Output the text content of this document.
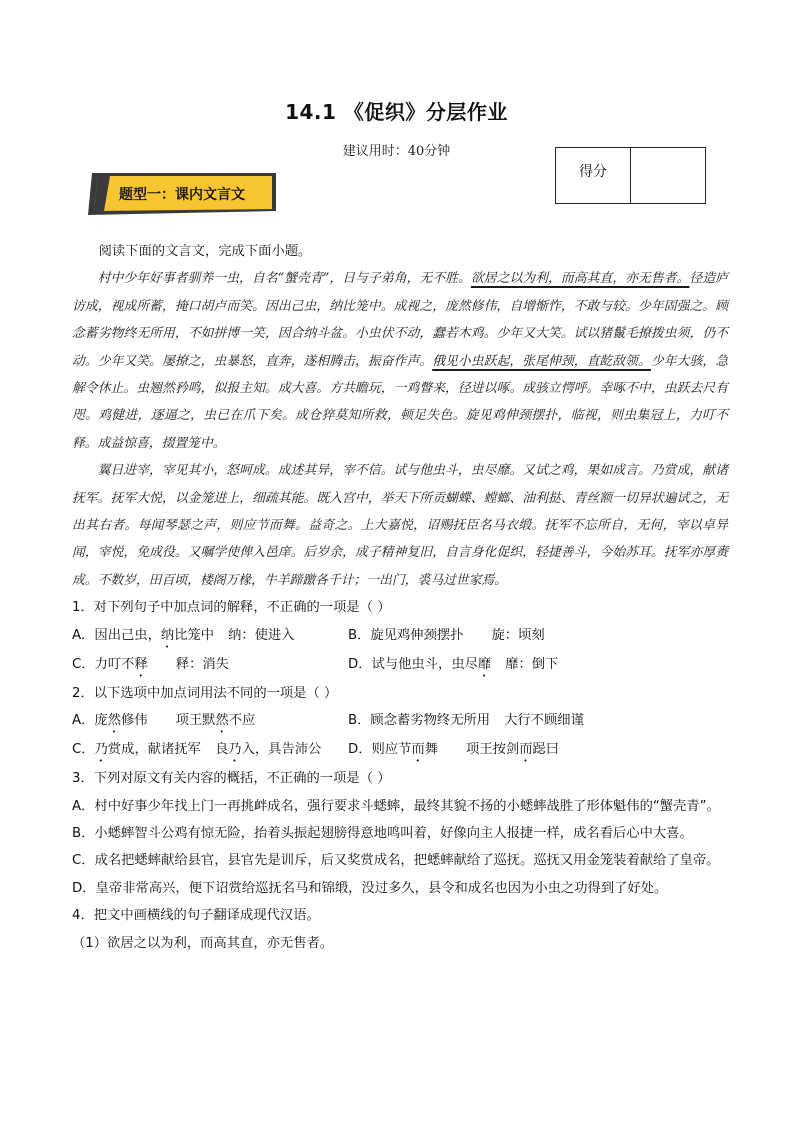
14.1 《促织》分层作业
建议用时：40分钟
得分
题型一：课内文言文

阅读下面的文言文，完成下面小题。

村中少年好事者驯养一虫，自名“蟹壳青”，日与子弟角，无不胜。欲居之以为利，而高其直，亦无售者。径造庐访成，视成所蓄，掩口胡卢而笑。因出己虫，纳比笼中。成视之，庞然修伟，自增惭怍，不敢与较。少年固强之。顾念蓄劣物终无所用，不如拼博一笑，因合纳斗盆。小虫伏不动，蠢若木鸡。少年又大笑。试以猪鬣毛撩拨虫须，仍不动。少年又笑。屡撩之，虫暴怒，直奔，遂相腾击，振奋作声。俄见小虫跃起，张尾伸颈，直龁敌领。少年大骇，急解令休止。虫翘然矜鸣，似报主知。成大喜。方共瞻玩，一鸡瞥来，径进以啄。成骇立愕呼。幸啄不中，虫跃去尺有咫。鸡健进，逐逼之，虫已在爪下矣。成仓猝莫知所救，顿足失色。旋见鸡伸颈摆扑，临视，则虫集冠上，力叮不释。成益惊喜，掇置笼中。

翼日进宰，宰见其小，怒呵成。成述其异，宰不信。试与他虫斗，虫尽靡。又试之鸡，果如成言。乃赏成，献诸抚军。抚军大悦，以金笼进上，细疏其能。既入宫中，举天下所贡蝴蝶、螳螂、油利挞、青丝额一切异状遍试之，无出其右者。每闻琴瑟之声，则应节而舞。益奇之。上大嘉悦，诏赐抚臣名马衣缎。抚军不忘所自，无何，宰以卓异闻，宰悦，免成役。又嘱学使俾入邑庠。后岁余，成子精神复旧，自言身化促织，轻捷善斗，今始苏耳。抚军亦厚赉成。不数岁，田百顷，楼阁万椽，牛羊蹄躈各千计；一出门，裘马过世家焉。

1．对下列句子中加点词的解释，不正确的一项是（ ）

A．因出己虫，纳比笼中 纳：使进入	B．旋见鸡伸颈摆扑 旋：顷刻
C．力叮不释 释：消失	D．试与他虫斗，虫尽靡 靡：倒下

2．以下选项中加点词用法不同的一项是（ ）

A．庞然修伟 项王默然不应	B．顾念蓄劣物终无所用 大行不顾细谨
C．乃赏成，献诸抚军 良乃入，具告沛公	D．则应节而舞 项王按剑而跽曰

3．下列对原文有关内容的概括，不正确的一项是（ ）

A．村中好事少年找上门一再挑衅成名，强行要求斗蟋蟀，最终其貌不扬的小蟋蟀战胜了形体魁伟的“蟹壳青”。

B．小蟋蟀智斗公鸡有惊无险，抬着头振起翅膀得意地鸣叫着，好像向主人报捷一样，成名看后心中大喜。

C．成名把蟋蟀献给县官，县官先是训斥，后又奖赏成名，把蟋蟀献给了巡抚。巡抚又用金笼装着献给了皇帝。

D．皇帝非常高兴，便下诏赏给巡抚名马和锦缎，没过多久，县令和成名也因为小虫之功得到了好处。

4．把文中画横线的句子翻译成现代汉语。

（1）欲居之以为利，而高其直，亦无售者。
